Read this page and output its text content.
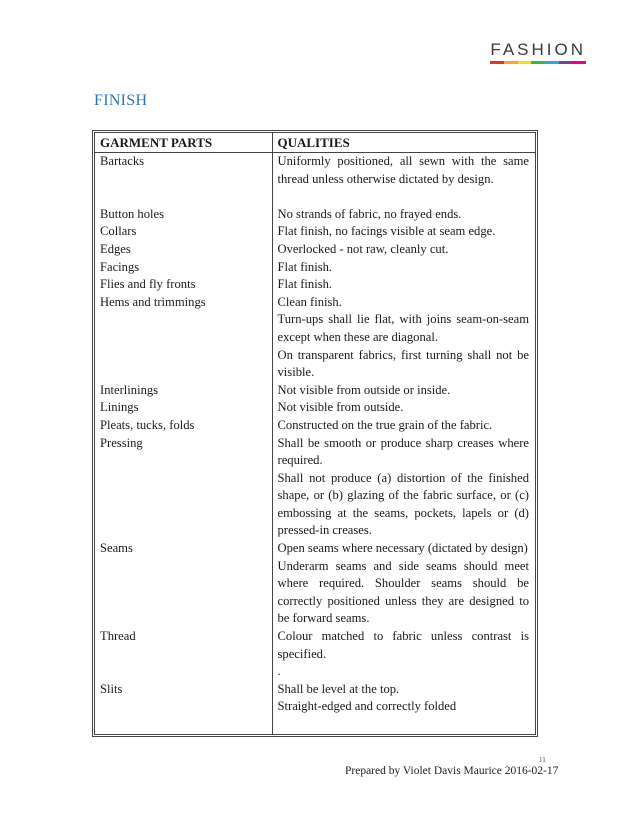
FASHION
FINISH
GARMENT PARTS	QUALITIES
Bartacks	Uniformly positioned, all sewn with the same thread unless otherwise dictated by design.

Button holes	No strands of fabric, no frayed ends.

Collars	Flat finish, no facings visible at seam edge.

Edges	Overlocked - not raw, cleanly cut.

Facings	Flat finish.

Flies and fly fronts	Flat finish.

Hems and trimmings	Clean finish.
Turn-ups shall lie flat, with joins seam-on-seam except when these are diagonal.
On transparent fabrics, first turning shall not be visible.

Interlinings	Not visible from outside or inside.

Linings	Not visible from outside.

Pleats, tucks, folds	Constructed on the true grain of the fabric.

Pressing	Shall be smooth or produce sharp creases where required.
Shall not produce (a) distortion of the finished shape, or (b) glazing of the fabric surface, or (c) embossing at the seams, pockets, lapels or (d) pressed-in creases.

Seams	Open seams where necessary (dictated by design)
Underarm seams and side seams should meet where required. Shoulder seams should be correctly positioned unless they are designed to be forward seams.

Thread	Colour matched to fabric unless contrast is specified.
.

Slits	Shall be level at the top.
Straight-edged and correctly folded

11
Prepared by Violet Davis Maurice 2016-02-17
